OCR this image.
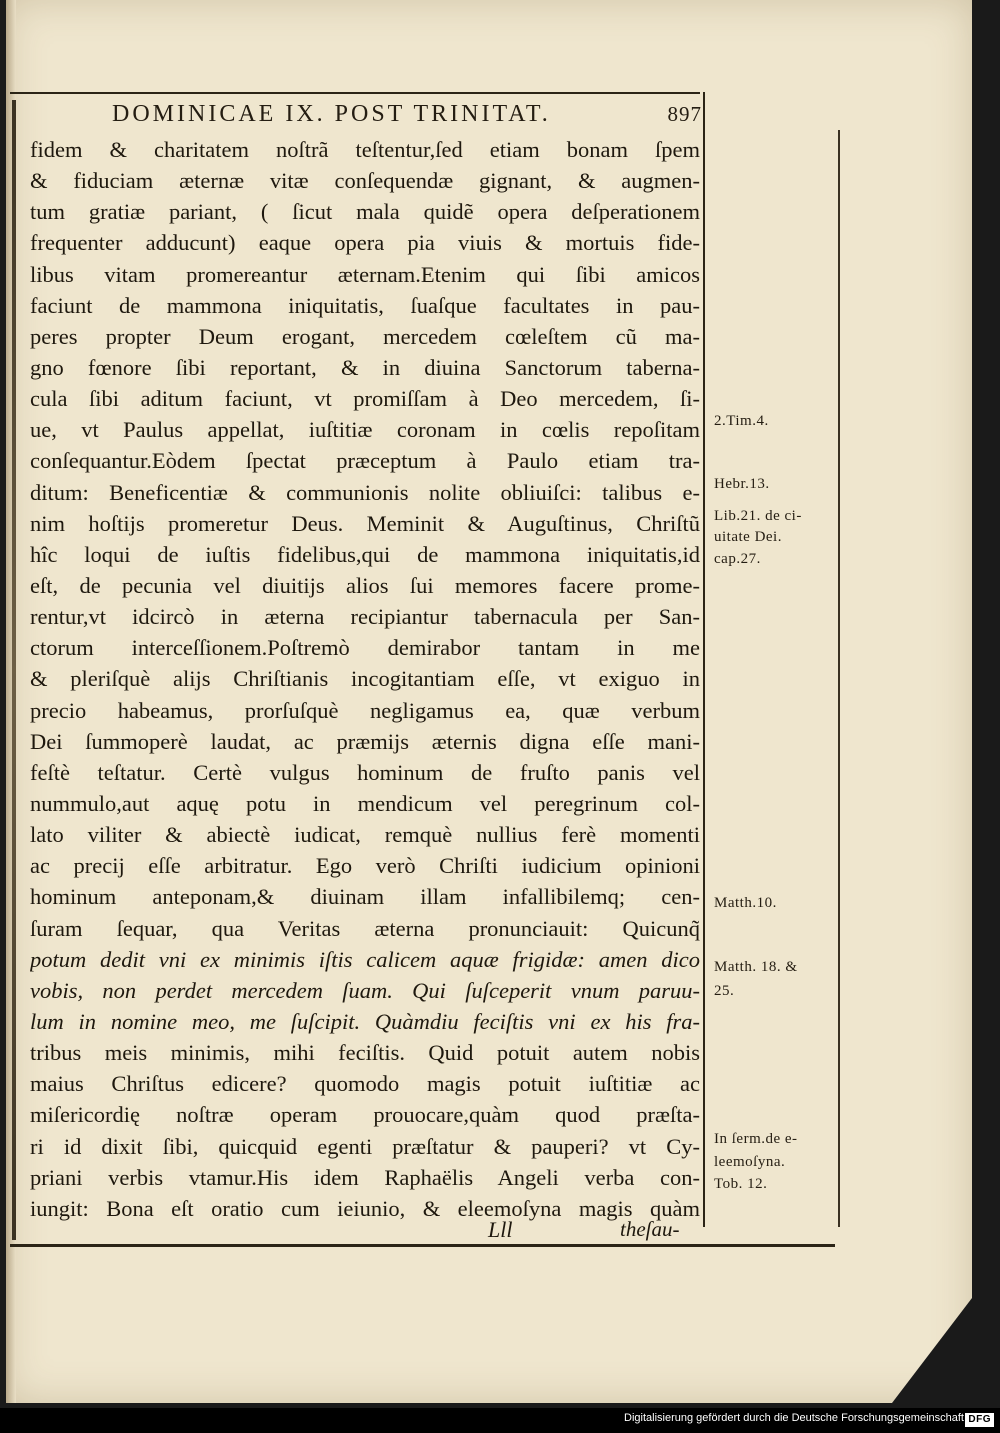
DOMINICAE IX. POST TRINITAT.	897
fidem & charitatem noſtrã teſtentur,ſed etiam bonam ſpem
& fiduciam æternæ vitæ conſequendæ gignant, & augmen-
tum gratiæ pariant, ( ſicut mala quidẽ opera deſperationem
frequenter adducunt) eaque opera pia viuis & mortuis fide-
libus vitam promereantur æternam.Etenim qui ſibi amicos
faciunt de mammona iniquitatis, ſuaſque facultates in pau-
peres propter Deum erogant, mercedem cœleſtem cũ ma-
gno fœnore ſibi reportant, & in diuina Sanctorum taberna-
cula ſibi aditum faciunt, vt promiſſam à Deo mercedem, ſi-
ue, vt Paulus appellat, iuſtitiæ coronam in cœlis repoſitam
conſequantur.Eòdem ſpectat præceptum à Paulo etiam tra-
ditum: Beneficentiæ & communionis nolite obliuiſci: talibus e-
nim hoſtijs promeretur Deus. Meminit & Auguſtinus, Chriſtũ
hîc loqui de iuſtis fidelibus,qui de mammona iniquitatis,id
eſt, de pecunia vel diuitijs alios ſui memores facere prome-
rentur,vt idcircò in æterna recipiantur tabernacula per San-
ctorum interceſſionem.Poſtremò demirabor tantam in me
& pleriſquè alijs Chriſtianis incogitantiam eſſe, vt exiguo in
precio habeamus, prorſuſquè negligamus ea, quæ verbum
Dei ſummoperè laudat, ac præmijs æternis digna eſſe mani-
feſtè teſtatur. Certè vulgus hominum de fruſto panis vel
nummulo,aut aquę potu in mendicum vel peregrinum col-
lato viliter & abiectè iudicat, remquè nullius ferè momenti
ac precij eſſe arbitratur. Ego verò Chriſti iudicium opinioni
hominum anteponam,& diuinam illam infallibilemq; cen-
ſuram ſequar, qua Veritas æterna pronunciauit: Quicunq̃
potum dedit vni ex minimis iſtis calicem aquæ frigidæ: amen dico
vobis, non perdet mercedem ſuam. Qui ſuſceperit vnum paruu-
lum in nomine meo, me ſuſcipit. Quàmdiu feciſtis vni ex his fra-
tribus meis minimis, mihi feciſtis. Quid potuit autem nobis
maius Chriſtus edicere? quomodo magis potuit iuſtitiæ ac
miſericordię noſtræ operam prouocare,quàm quod præſta-
ri id dixit ſibi, quicquid egenti præſtatur & pauperi? vt Cy-
priani verbis vtamur.His idem Raphaëlis Angeli verba con-
iungit: Bona eſt oratio cum ieiunio, & eleemoſyna magis quàm
2.Tim.4.
Hebr.13.
Lib.21. de ci-
uitate Dei.
cap.27.
Matth.10.
Matth. 18. &
25.
In ſerm.de e-
leemoſyna.
Tob. 12.
Lll	theſau-
Digitalisierung gefördert durch die Deutsche Forschungsgemeinschaft DFG
